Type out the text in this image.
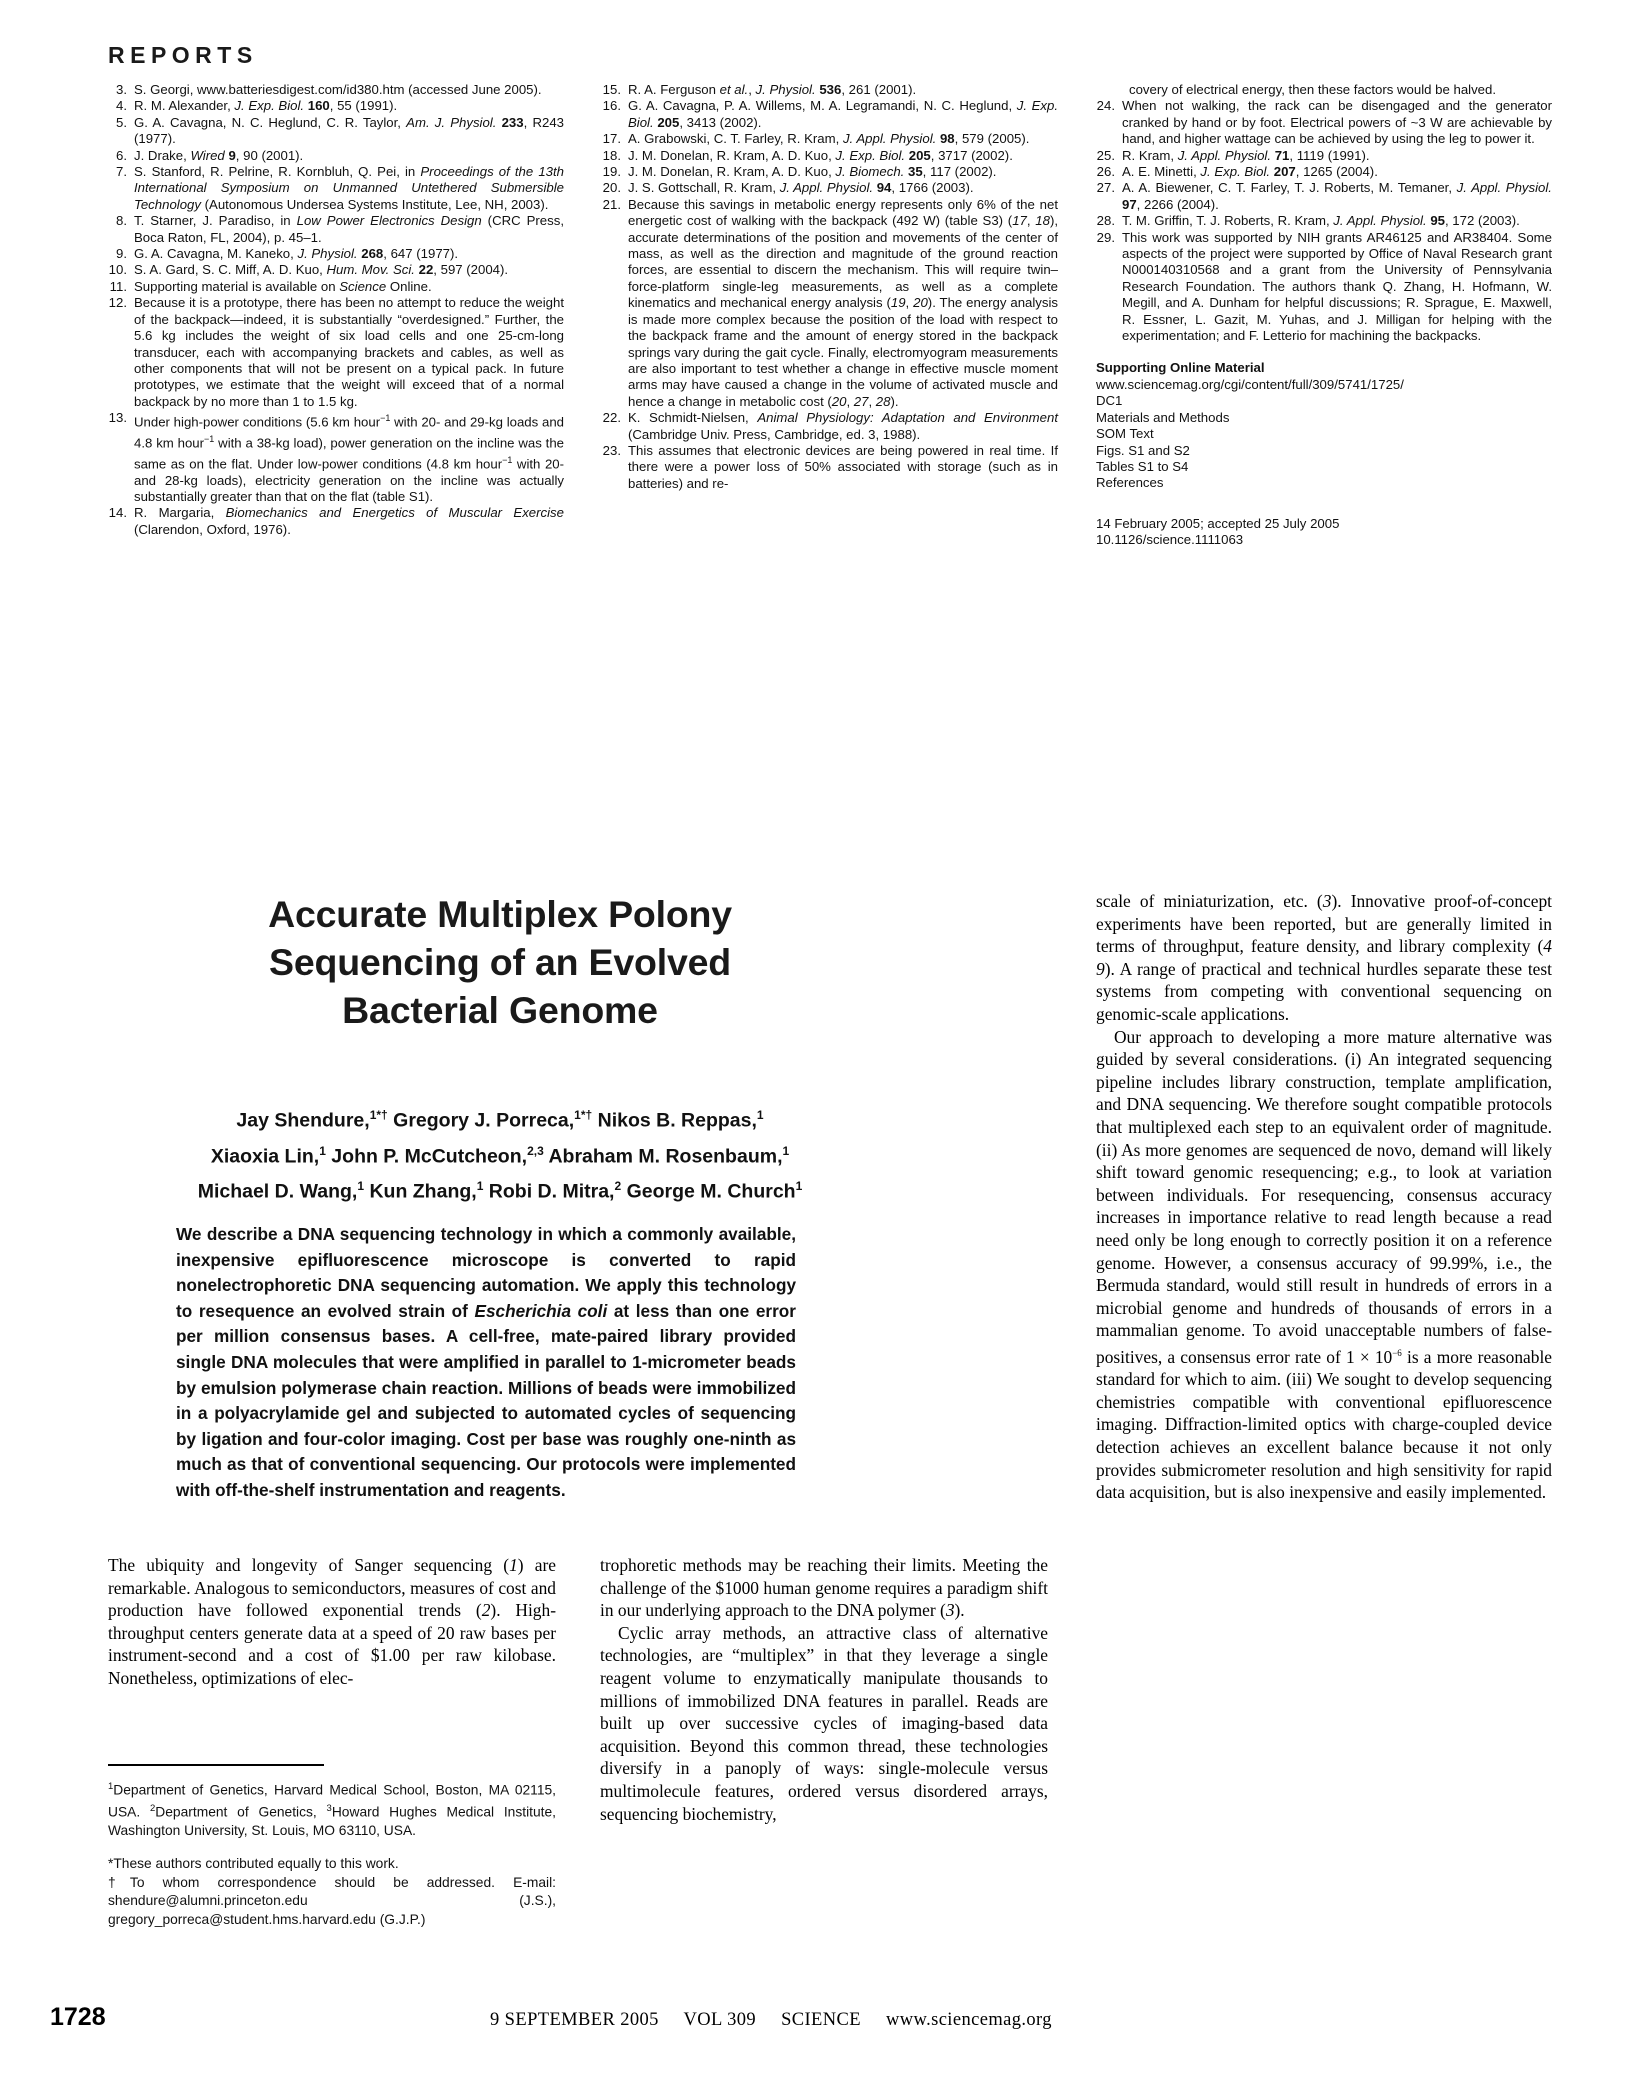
REPORTS
3. S. Georgi, www.batteriesdigest.com/id380.htm (accessed June 2005).
4. R. M. Alexander, J. Exp. Biol. 160, 55 (1991).
5. G. A. Cavagna, N. C. Heglund, C. R. Taylor, Am. J. Physiol. 233, R243 (1977).
6. J. Drake, Wired 9, 90 (2001).
7. S. Stanford, R. Pelrine, R. Kornbluh, Q. Pei, in Proceedings of the 13th International Symposium on Unmanned Untethered Submersible Technology (Autonomous Undersea Systems Institute, Lee, NH, 2003).
8. T. Starner, J. Paradiso, in Low Power Electronics Design (CRC Press, Boca Raton, FL, 2004), p. 45–1.
9. G. A. Cavagna, M. Kaneko, J. Physiol. 268, 647 (1977).
10. S. A. Gard, S. C. Miff, A. D. Kuo, Hum. Mov. Sci. 22, 597 (2004).
11. Supporting material is available on Science Online.
12. Because it is a prototype, there has been no attempt to reduce the weight of the backpack—indeed, it is substantially “overdesigned.” Further, the 5.6 kg includes the weight of six load cells and one 25-cm-long transducer, each with accompanying brackets and cables, as well as other components that will not be present on a typical pack. In future prototypes, we estimate that the weight will exceed that of a normal backpack by no more than 1 to 1.5 kg.
13. Under high-power conditions (5.6 km hour$^{-1}$ with 20- and 29-kg loads and 4.8 km hour$^{-1}$ with a 38-kg load), power generation on the incline was the same as on the flat. Under low-power conditions (4.8 km hour$^{-1}$ with 20- and 28-kg loads), electricity generation on the incline was actually substantially greater than that on the flat (table S1).
14. R. Margaria, Biomechanics and Energetics of Muscular Exercise (Clarendon, Oxford, 1976).
15. R. A. Ferguson et al., J. Physiol. 536, 261 (2001).
16. G. A. Cavagna, P. A. Willems, M. A. Legramandi, N. C. Heglund, J. Exp. Biol. 205, 3413 (2002).
17. A. Grabowski, C. T. Farley, R. Kram, J. Appl. Physiol. 98, 579 (2005).
18. J. M. Donelan, R. Kram, A. D. Kuo, J. Exp. Biol. 205, 3717 (2002).
19. J. M. Donelan, R. Kram, A. D. Kuo, J. Biomech. 35, 117 (2002).
20. J. S. Gottschall, R. Kram, J. Appl. Physiol. 94, 1766 (2003).
21. Because this savings in metabolic energy represents only 6% of the net energetic cost of walking with the backpack (492 W) (table S3) (17, 18), accurate determinations of the position and movements of the center of mass, as well as the direction and magnitude of the ground reaction forces, are essential to discern the mechanism. This will require twin–force-platform single-leg measurements, as well as a complete kinematics and mechanical energy analysis (19, 20). The energy analysis is made more complex because the position of the load with respect to the backpack frame and the amount of energy stored in the backpack springs vary during the gait cycle. Finally, electromyogram measurements are also important to test whether a change in effective muscle moment arms may have caused a change in the volume of activated muscle and hence a change in metabolic cost (20, 27, 28).
22. K. Schmidt-Nielsen, Animal Physiology: Adaptation and Environment (Cambridge Univ. Press, Cambridge, ed. 3, 1988).
23. This assumes that electronic devices are being powered in real time. If there were a power loss of 50% associated with storage (such as in batteries) and re-
covery of electrical energy, then these factors would be halved.
24. When not walking, the rack can be disengaged and the generator cranked by hand or by foot. Electrical powers of ~3 W are achievable by hand, and higher wattage can be achieved by using the leg to power it.
25. R. Kram, J. Appl. Physiol. 71, 1119 (1991).
26. A. E. Minetti, J. Exp. Biol. 207, 1265 (2004).
27. A. A. Biewener, C. T. Farley, T. J. Roberts, M. Temaner, J. Appl. Physiol. 97, 2266 (2004).
28. T. M. Griffin, T. J. Roberts, R. Kram, J. Appl. Physiol. 95, 172 (2003).
29. This work was supported by NIH grants AR46125 and AR38404. Some aspects of the project were supported by Office of Naval Research grant N000140310568 and a grant from the University of Pennsylvania Research Foundation. The authors thank Q. Zhang, H. Hofmann, W. Megill, and A. Dunham for helpful discussions; R. Sprague, E. Maxwell, R. Essner, L. Gazit, M. Yuhas, and J. Milligan for helping with the experimentation; and F. Letterio for machining the backpacks.
Supporting Online Material
www.sciencemag.org/cgi/content/full/309/5741/1725/
DC1
Materials and Methods
SOM Text
Figs. S1 and S2
Tables S1 to S4
References
14 February 2005; accepted 25 July 2005
10.1126/science.1111063
Accurate Multiplex Polony
Sequencing of an Evolved
Bacterial Genome
Jay Shendure,$^{1*\dagger}$ Gregory J. Porreca,$^{1*\dagger}$ Nikos B. Reppas,$^1$
Xiaoxia Lin,$^1$ John P. McCutcheon,$^{2,3}$ Abraham M. Rosenbaum,$^1$
Michael D. Wang,$^1$ Kun Zhang,$^1$ Robi D. Mitra,$^2$ George M. Church$^1$
We describe a DNA sequencing technology in which a commonly available, inexpensive epifluorescence microscope is converted to rapid nonelectrophoretic DNA sequencing automation. We apply this technology to resequence an evolved strain of Escherichia coli at less than one error per million consensus bases. A cell-free, mate-paired library provided single DNA molecules that were amplified in parallel to 1-micrometer beads by emulsion polymerase chain reaction. Millions of beads were immobilized in a polyacrylamide gel and subjected to automated cycles of sequencing by ligation and four-color imaging. Cost per base was roughly one-ninth as much as that of conventional sequencing. Our protocols were implemented with off-the-shelf instrumentation and reagents.

The ubiquity and longevity of Sanger sequencing (1) are remarkable. Analogous to semiconductors, measures of cost and production have followed exponential trends (2). High-throughput centers generate data at a speed of 20 raw bases per instrument-second and a cost of $1.00 per raw kilobase. Nonetheless, optimizations of elec-

trophoretic methods may be reaching their limits. Meeting the challenge of the $1000 human genome requires a paradigm shift in our underlying approach to the DNA polymer (3).

Cyclic array methods, an attractive class of alternative technologies, are “multiplex” in that they leverage a single reagent volume to enzymatically manipulate thousands to millions of immobilized DNA features in parallel. Reads are built up over successive cycles of imaging-based data acquisition. Beyond this common thread, these technologies diversify in a panoply of ways: single-molecule versus multimolecule features, ordered versus disordered arrays, sequencing biochemistry,

scale of miniaturization, etc. (3). Innovative proof-of-concept experiments have been reported, but are generally limited in terms of throughput, feature density, and library complexity (4 9). A range of practical and technical hurdles separate these test systems from competing with conventional sequencing on genomic-scale applications.

Our approach to developing a more mature alternative was guided by several considerations. (i) An integrated sequencing pipeline includes library construction, template amplification, and DNA sequencing. We therefore sought compatible protocols that multiplexed each step to an equivalent order of magnitude. (ii) As more genomes are sequenced de novo, demand will likely shift toward genomic resequencing; e.g., to look at variation between individuals. For resequencing, consensus accuracy increases in importance relative to read length because a read need only be long enough to correctly position it on a reference genome. However, a consensus accuracy of 99.99%, i.e., the Bermuda standard, would still result in hundreds of errors in a microbial genome and hundreds of thousands of errors in a mammalian genome. To avoid unacceptable numbers of false-positives, a consensus error rate of $1 \times 10^{-6}$ is a more reasonable standard for which to aim. (iii) We sought to develop sequencing chemistries compatible with conventional epifluorescence imaging. Diffraction-limited optics with charge-coupled device detection achieves an excellent balance because it not only provides submicrometer resolution and high sensitivity for rapid data acquisition, but is also inexpensive and easily implemented.

$^1$Department of Genetics, Harvard Medical School, Boston, MA 02115, USA. $^2$Department of Genetics, $^3$Howard Hughes Medical Institute, Washington University, St. Louis, MO 63110, USA.

*These authors contributed equally to this work.
†To whom correspondence should be addressed. E-mail: shendure@alumni.princeton.edu (J.S.), gregory_porreca@student.hms.harvard.edu (G.J.P.)

1728	9 SEPTEMBER 2005 VOL 309 SCIENCE www.sciencemag.org
